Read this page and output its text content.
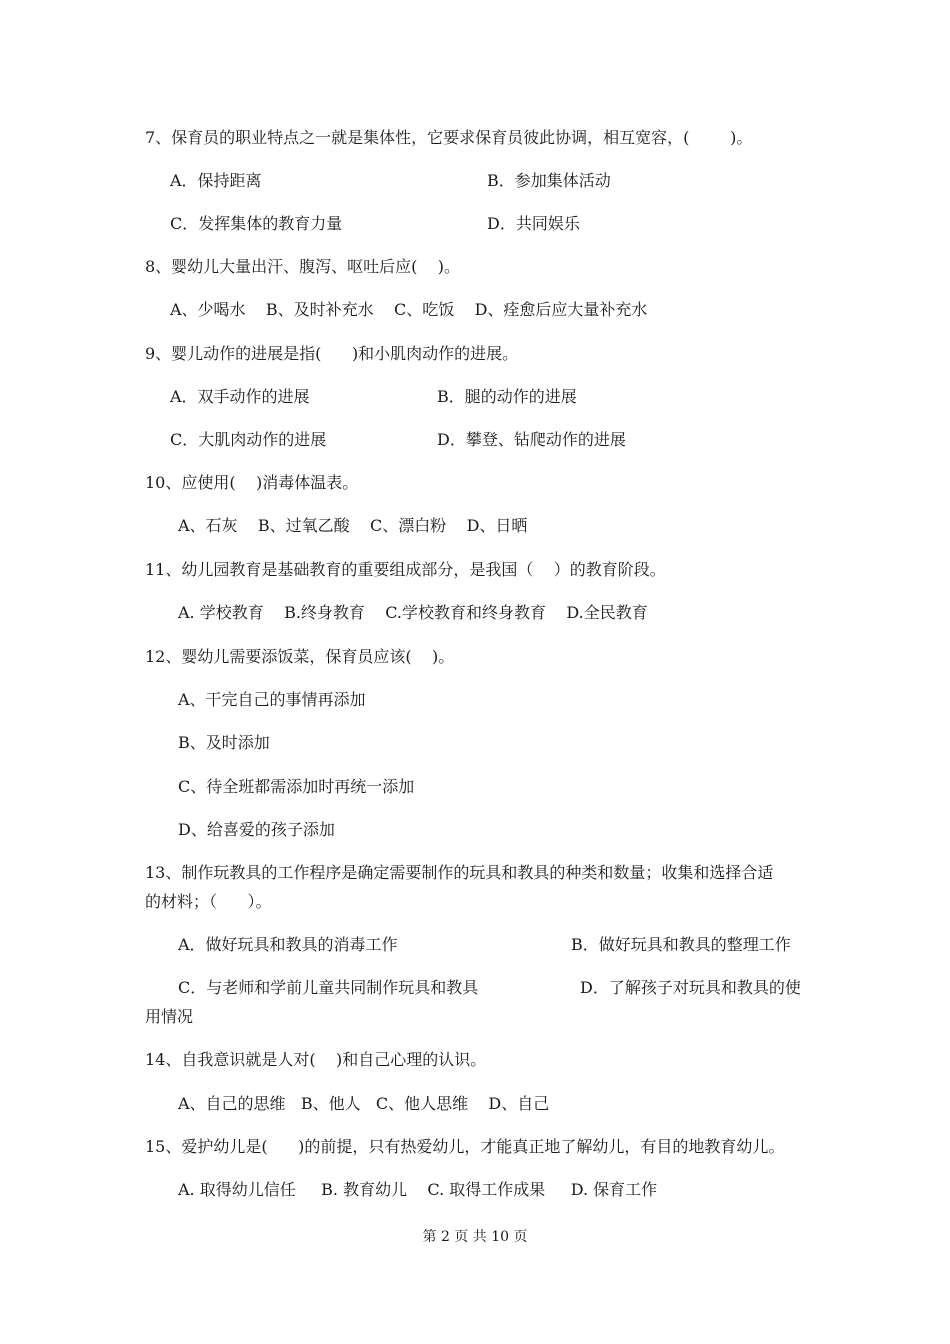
7、保育员的职业特点之一就是集体性，它要求保育员彼此协调，相互宽容，(        )。
A．保持距离	B．参加集体活动
C．发挥集体的教育力量	D．共同娱乐
8、婴幼儿大量出汗、腹泻、呕吐后应(    )。
A、少喝水    B、及时补充水    C、吃饭    D、痊愈后应大量补充水
9、婴儿动作的进展是指(      )和小肌肉动作的进展。
A．双手动作的进展	B．腿的动作的进展
C．大肌肉动作的进展	D．攀登、钻爬动作的进展
10、应使用(    )消毒体温表。
A、石灰    B、过氧乙酸    C、漂白粉    D、日晒
11、幼儿园教育是基础教育的重要组成部分，是我国（    ）的教育阶段。
A. 学校教育    B.终身教育    C.学校教育和终身教育    D.全民教育
12、婴幼儿需要添饭菜，保育员应该(    )。
A、干完自己的事情再添加
B、及时添加
C、待全班都需添加时再统一添加
D、给喜爱的孩子添加
13、制作玩教具的工作程序是确定需要制作的玩具和教具的种类和数量；收集和选择合适
的材料；（      ）。
A．做好玩具和教具的消毒工作	B．做好玩具和教具的整理工作
C．与老师和学前儿童共同制作玩具和教具	D．了解孩子对玩具和教具的使
用情况
14、自我意识就是人对(    )和自己心理的认识。
A、自己的思维   B、他人   C、他人思维    D、自己
15、爱护幼儿是(      )的前提，只有热爱幼儿，才能真正地了解幼儿，有目的地教育幼儿。
A. 取得幼儿信任     B. 教育幼儿    C. 取得工作成果     D. 保育工作
第 2 页 共 10 页
